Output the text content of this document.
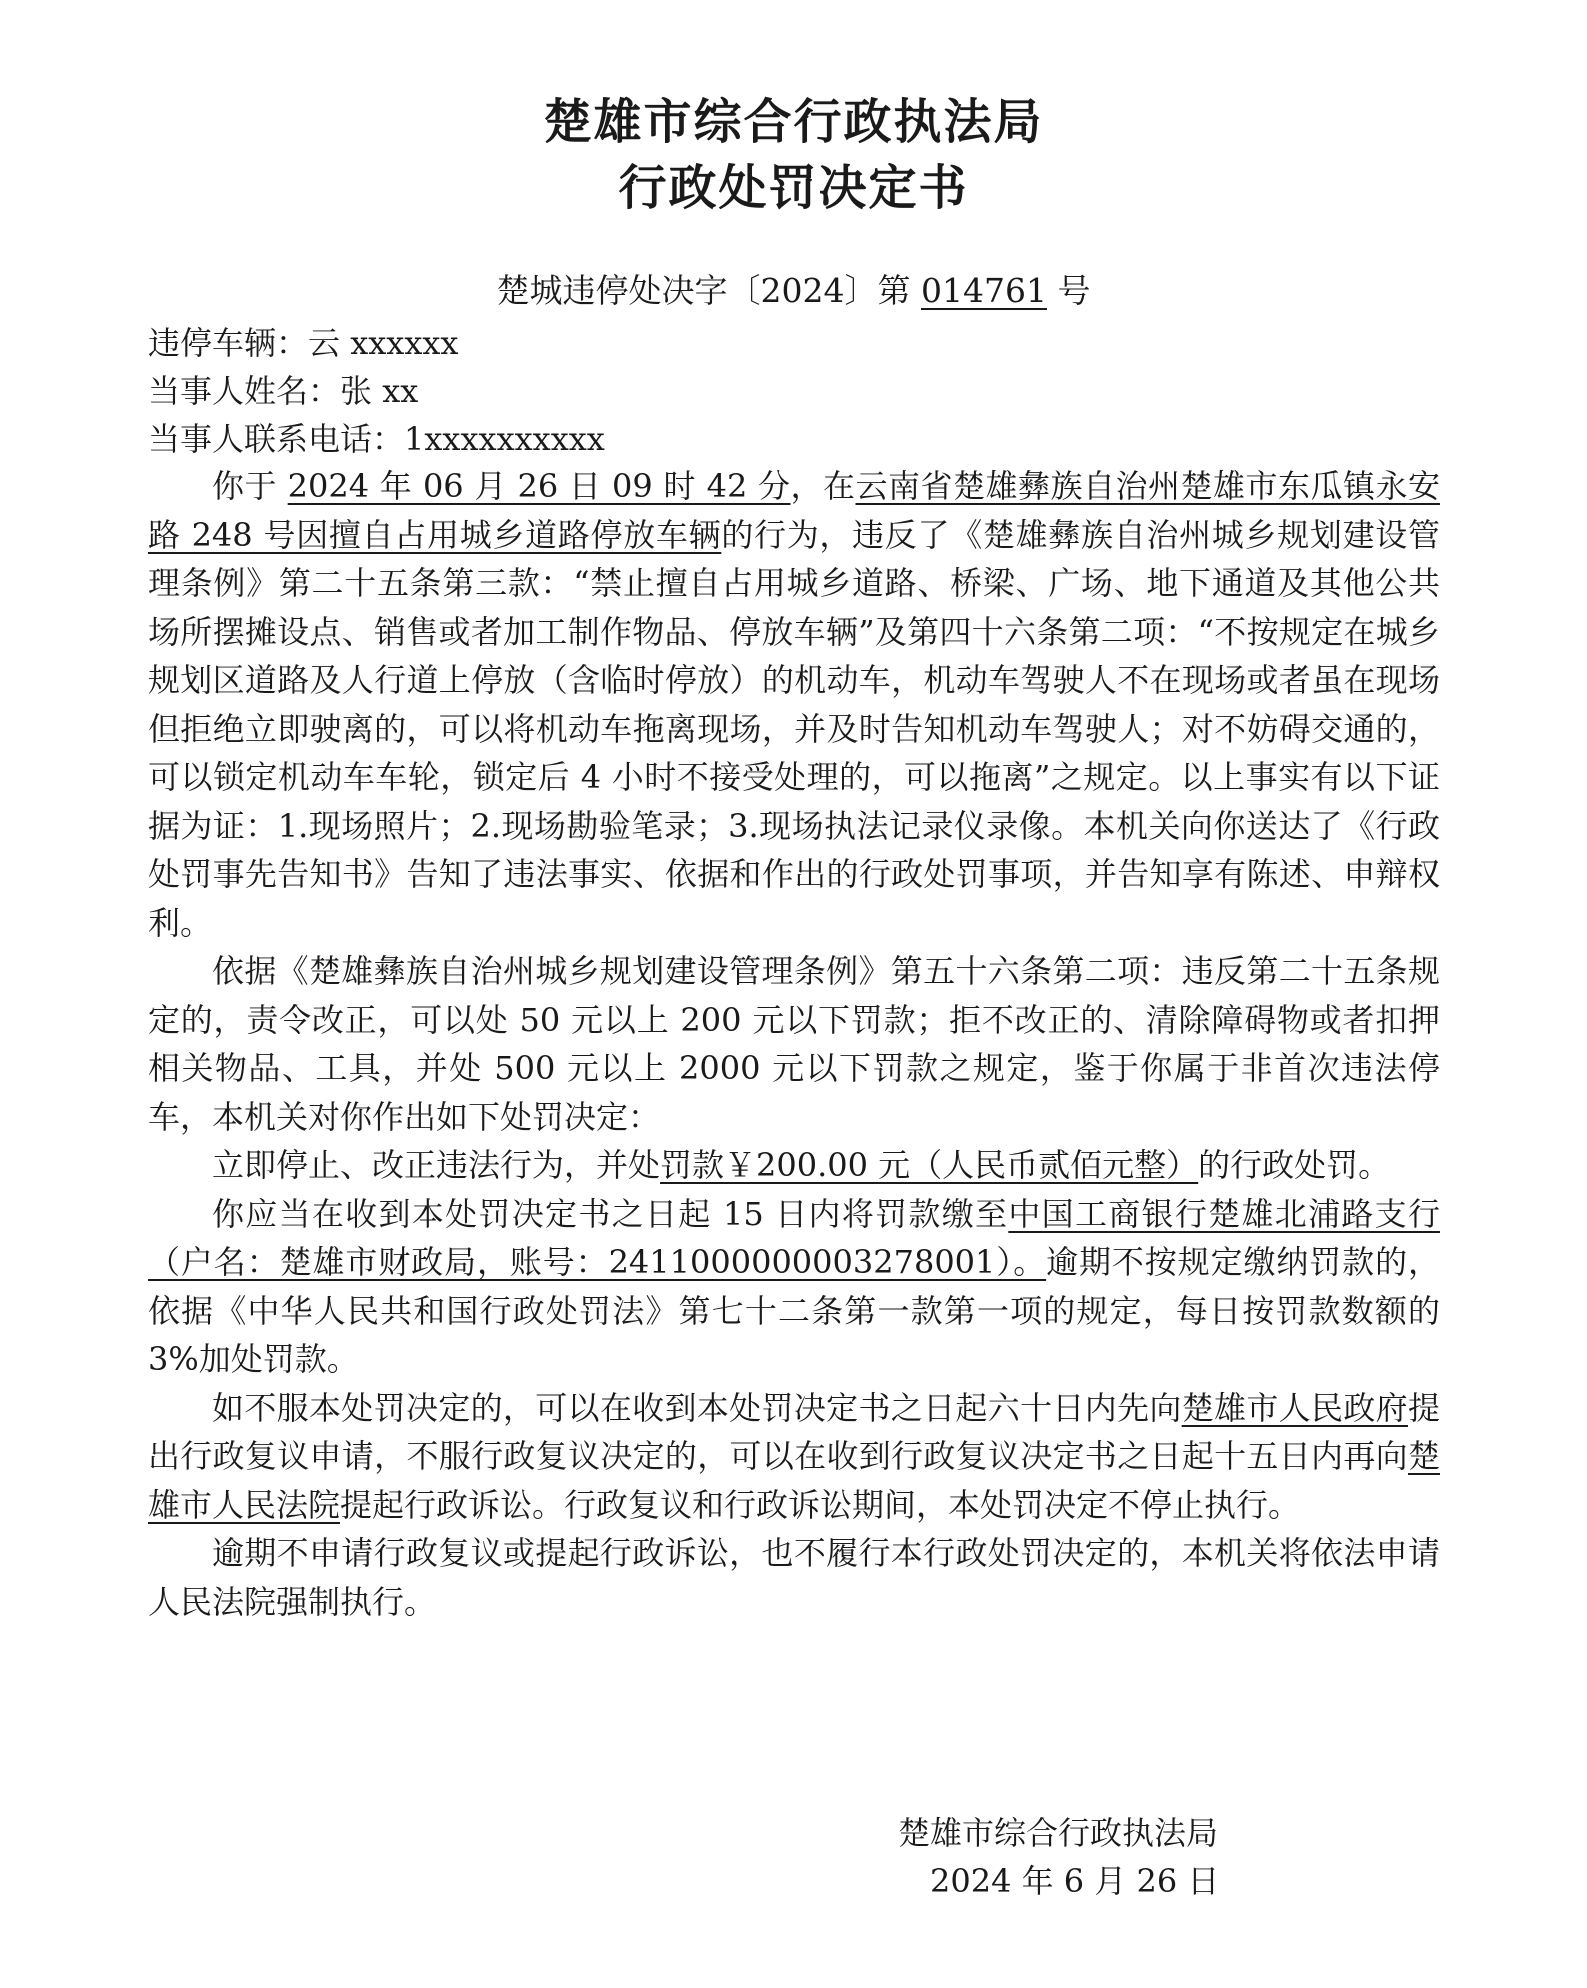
楚雄市综合行政执法局
行政处罚决定书
楚城违停处决字〔2024〕第 014761 号
违停车辆：云 xxxxxx
当事人姓名：张 xx
当事人联系电话：1xxxxxxxxxx

你于 2024 年 06 月 26 日 09 时 42 分，在云南省楚雄彝族自治州楚雄市东瓜镇永安路 248 号因擅自占用城乡道路停放车辆的行为，违反了《楚雄彝族自治州城乡规划建设管理条例》第二十五条第三款：“禁止擅自占用城乡道路、桥梁、广场、地下通道及其他公共场所摆摊设点、销售或者加工制作物品、停放车辆”及第四十六条第二项：“不按规定在城乡规划区道路及人行道上停放（含临时停放）的机动车，机动车驾驶人不在现场或者虽在现场但拒绝立即驶离的，可以将机动车拖离现场，并及时告知机动车驾驶人；对不妨碍交通的，可以锁定机动车车轮，锁定后 4 小时不接受处理的，可以拖离”之规定。以上事实有以下证据为证：1.现场照片；2.现场勘验笔录；3.现场执法记录仪录像。本机关向你送达了《行政处罚事先告知书》告知了违法事实、依据和作出的行政处罚事项，并告知享有陈述、申辩权利。

依据《楚雄彝族自治州城乡规划建设管理条例》第五十六条第二项：违反第二十五条规定的，责令改正，可以处 50 元以上 200 元以下罚款；拒不改正的、清除障碍物或者扣押相关物品、工具，并处 500 元以上 2000 元以下罚款之规定，鉴于你属于非首次违法停车，本机关对你作出如下处罚决定：

立即停止、改正违法行为，并处罚款￥200.00 元（人民币贰佰元整）的行政处罚。

你应当在收到本处罚决定书之日起 15 日内将罚款缴至中国工商银行楚雄北浦路支行（户名：楚雄市财政局，账号：2411000000003278001）。逾期不按规定缴纳罚款的，依据《中华人民共和国行政处罚法》第七十二条第一款第一项的规定，每日按罚款数额的 3%加处罚款。

如不服本处罚决定的，可以在收到本处罚决定书之日起六十日内先向楚雄市人民政府提出行政复议申请，不服行政复议决定的，可以在收到行政复议决定书之日起十五日内再向楚雄市人民法院提起行政诉讼。行政复议和行政诉讼期间，本处罚决定不停止执行。

逾期不申请行政复议或提起行政诉讼，也不履行本行政处罚决定的，本机关将依法申请人民法院强制执行。

楚雄市综合行政执法局
2024 年 6 月 26 日
